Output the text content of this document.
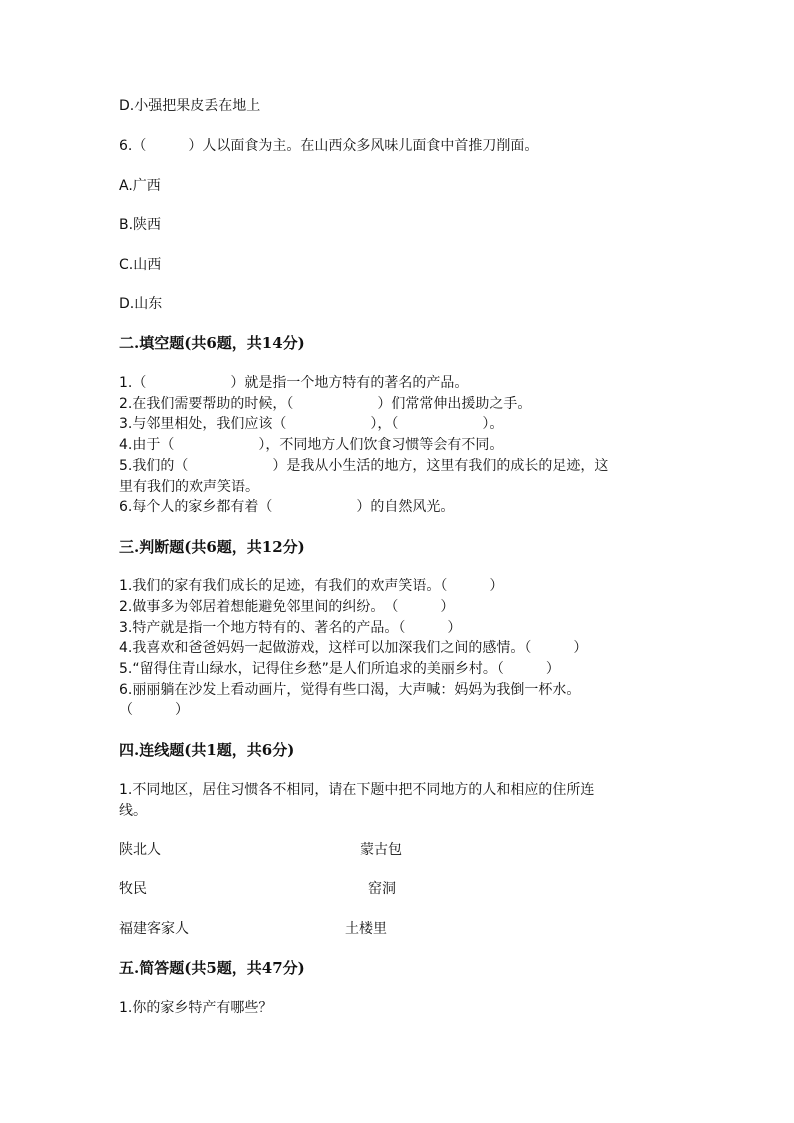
D.小强把果皮丢在地上
6.（　　　）人以面食为主。在山西众多风味儿面食中首推刀削面。
A.广西
B.陕西
C.山西
D.山东
二.填空题(共6题，共14分)
1.（　　　　　　）就是指一个地方特有的著名的产品。
2.在我们需要帮助的时候，（　　　　　　）们常常伸出援助之手。
3.与邻里相处，我们应该（　　　　　　），（　　　　　　）。
4.由于（　　　　　　），不同地方人们饮食习惯等会有不同。
5.我们的（　　　　　　）是我从小生活的地方，这里有我们的成长的足迹，这
里有我们的欢声笑语。
6.每个人的家乡都有着（　　　　　　）的自然风光。
三.判断题(共6题，共12分)
1.我们的家有我们成长的足迹，有我们的欢声笑语。（　　　）
2.做事多为邻居着想能避免邻里间的纠纷。　（　　　）
3.特产就是指一个地方特有的、著名的产品。（　　　）
4.我喜欢和爸爸妈妈一起做游戏，这样可以加深我们之间的感情。（　　　）
5.“留得住青山绿水，记得住乡愁”是人们所追求的美丽乡村。（　　　）
6.丽丽躺在沙发上看动画片，觉得有些口渴，大声喊：妈妈为我倒一杯水。
（　　　）
四.连线题(共1题，共6分)
1.不同地区，居住习惯各不相同，请在下题中把不同地方的人和相应的住所连
线。
陕北人	蒙古包
牧民	窑洞
福建客家人	土楼里
五.简答题(共5题，共47分)
1.你的家乡特产有哪些？
